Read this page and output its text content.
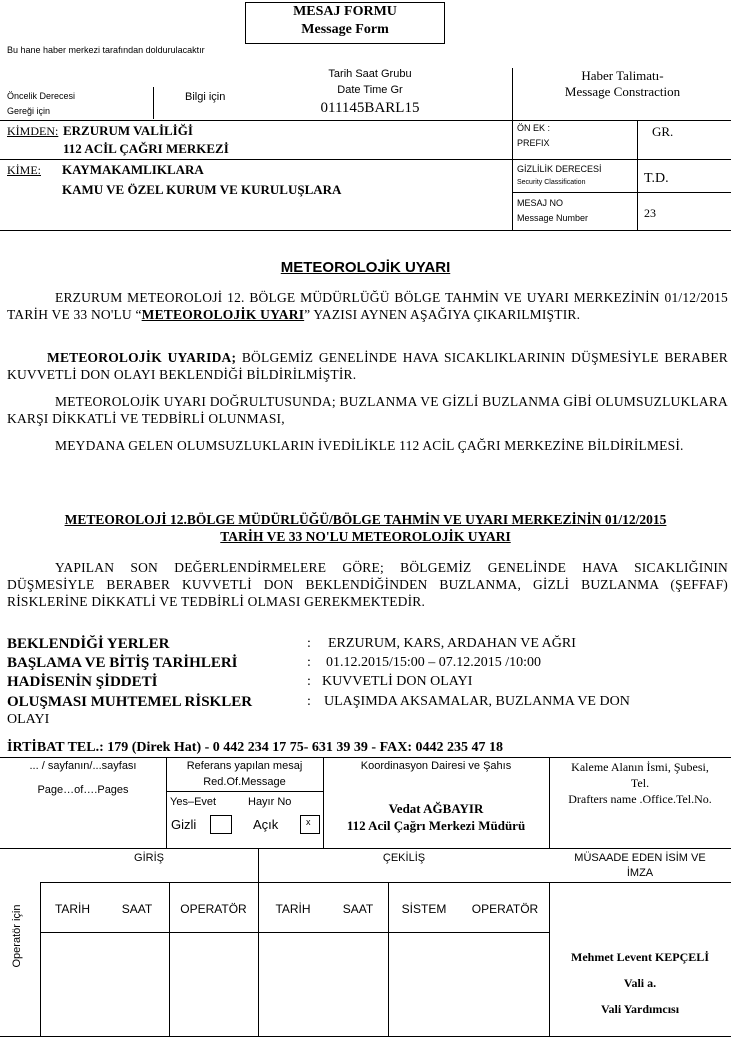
MESAJ FORMU
Message Form
Bu hane haber merkezi tarafından doldurulacaktır
Öncelik Derecesi
Gereği için
Bilgi için
Tarih Saat Grubu
Date Time Gr
011145BARL15
Haber Talimatı-
Message Constraction
KİMDEN: ERZURUM VALİLİĞİ
112 ACİL ÇAĞRI MERKEZİ
ÖN EK :
PREFIX
GR.
KİME: KAYMAKAMLIKLARA
KAMU VE ÖZEL KURUM VE KURULUŞLARA
GİZLİLİK DERECESİ
Security Classification	T.D.
MESAJ NO
Message Number	23
METEOROLOJİK UYARI
ERZURUM METEOROLOJİ 12. BÖLGE MÜDÜRLÜĞÜ BÖLGE TAHMİN VE UYARI MERKEZİNİN 01/12/2015 TARİH VE 33 NO'LU “METEOROLOJİK UYARI” YAZISI AYNEN AŞAĞIYA ÇIKARILMIŞTIR.
METEOROLOJİK UYARIDA; BÖLGEMİZ GENELİNDE HAVA SICAKLIKLARININ DÜŞMESİYLE BERABER KUVVETLİ DON OLAYI BEKLENDİĞİ BİLDİRİLMİŞTİR.
METEOROLOJİK UYARI DOĞRULTUSUNDA; BUZLANMA VE GİZLİ BUZLANMA GİBİ OLUMSUZLUKLARA KARŞI DİKKATLİ VE TEDBİRLİ OLUNMASI,
MEYDANA GELEN OLUMSUZLUKLARIN İVEDİLİKLE 112 ACİL ÇAĞRI MERKEZİNE BİLDİRİLMESİ.
METEOROLOJİ 12.BÖLGE MÜDÜRLÜĞÜ/BÖLGE TAHMİN VE UYARI MERKEZİNİN 01/12/2015
TARİH VE 33 NO'LU METEOROLOJİK UYARI
YAPILAN SON DEĞERLENDİRMELERE GÖRE; BÖLGEMİZ GENELİNDE HAVA SICAKLIĞININ DÜŞMESİYLE BERABER KUVVETLİ DON BEKLENDİĞİNDEN BUZLANMA, GİZLİ BUZLANMA (ŞEFFAF) RİSKLERİNE DİKKATLİ VE TEDBİRLİ OLMASI GEREKMEKTEDİR.
BEKLENDİĞİ YERLER	: ERZURUM, KARS, ARDAHAN VE AĞRI
BAŞLAMA VE BİTİŞ TARİHLERİ	: 01.12.2015/15:00 – 07.12.2015 /10:00
HADİSENİN ŞİDDETİ	: KUVVETLİ DON OLAYI
OLUŞMASI MUHTEMEL RİSKLER	: ULAŞIMDA AKSAMALAR, BUZLANMA VE DON
OLAYI
İRTİBAT TEL.: 179 (Direk Hat) - 0 442 234 17 75- 631 39 39 - FAX: 0442 235 47 18
... / sayfanın/...sayfası
Page…of….Pages
Referans yapılan mesaj
Red.Of.Message
Yes–Evet	Hayır No
Gizli	Açık	x
Koordinasyon Dairesi ve Şahıs
Vedat AĞBAYIR
112 Acil Çağrı Merkezi Müdürü
Kaleme Alanın İsmi, Şubesi,
Tel.
Drafters name .Office.Tel.No.
GİRİŞ	ÇEKİLİŞ	MÜSAADE EDEN İSİM VE
İMZA
Operatör için	TARİH	SAAT	OPERATÖR	TARİH	SAAT	SİSTEM	OPERATÖR
Mehmet Levent KEPÇELİ
Vali a.
Vali Yardımcısı
